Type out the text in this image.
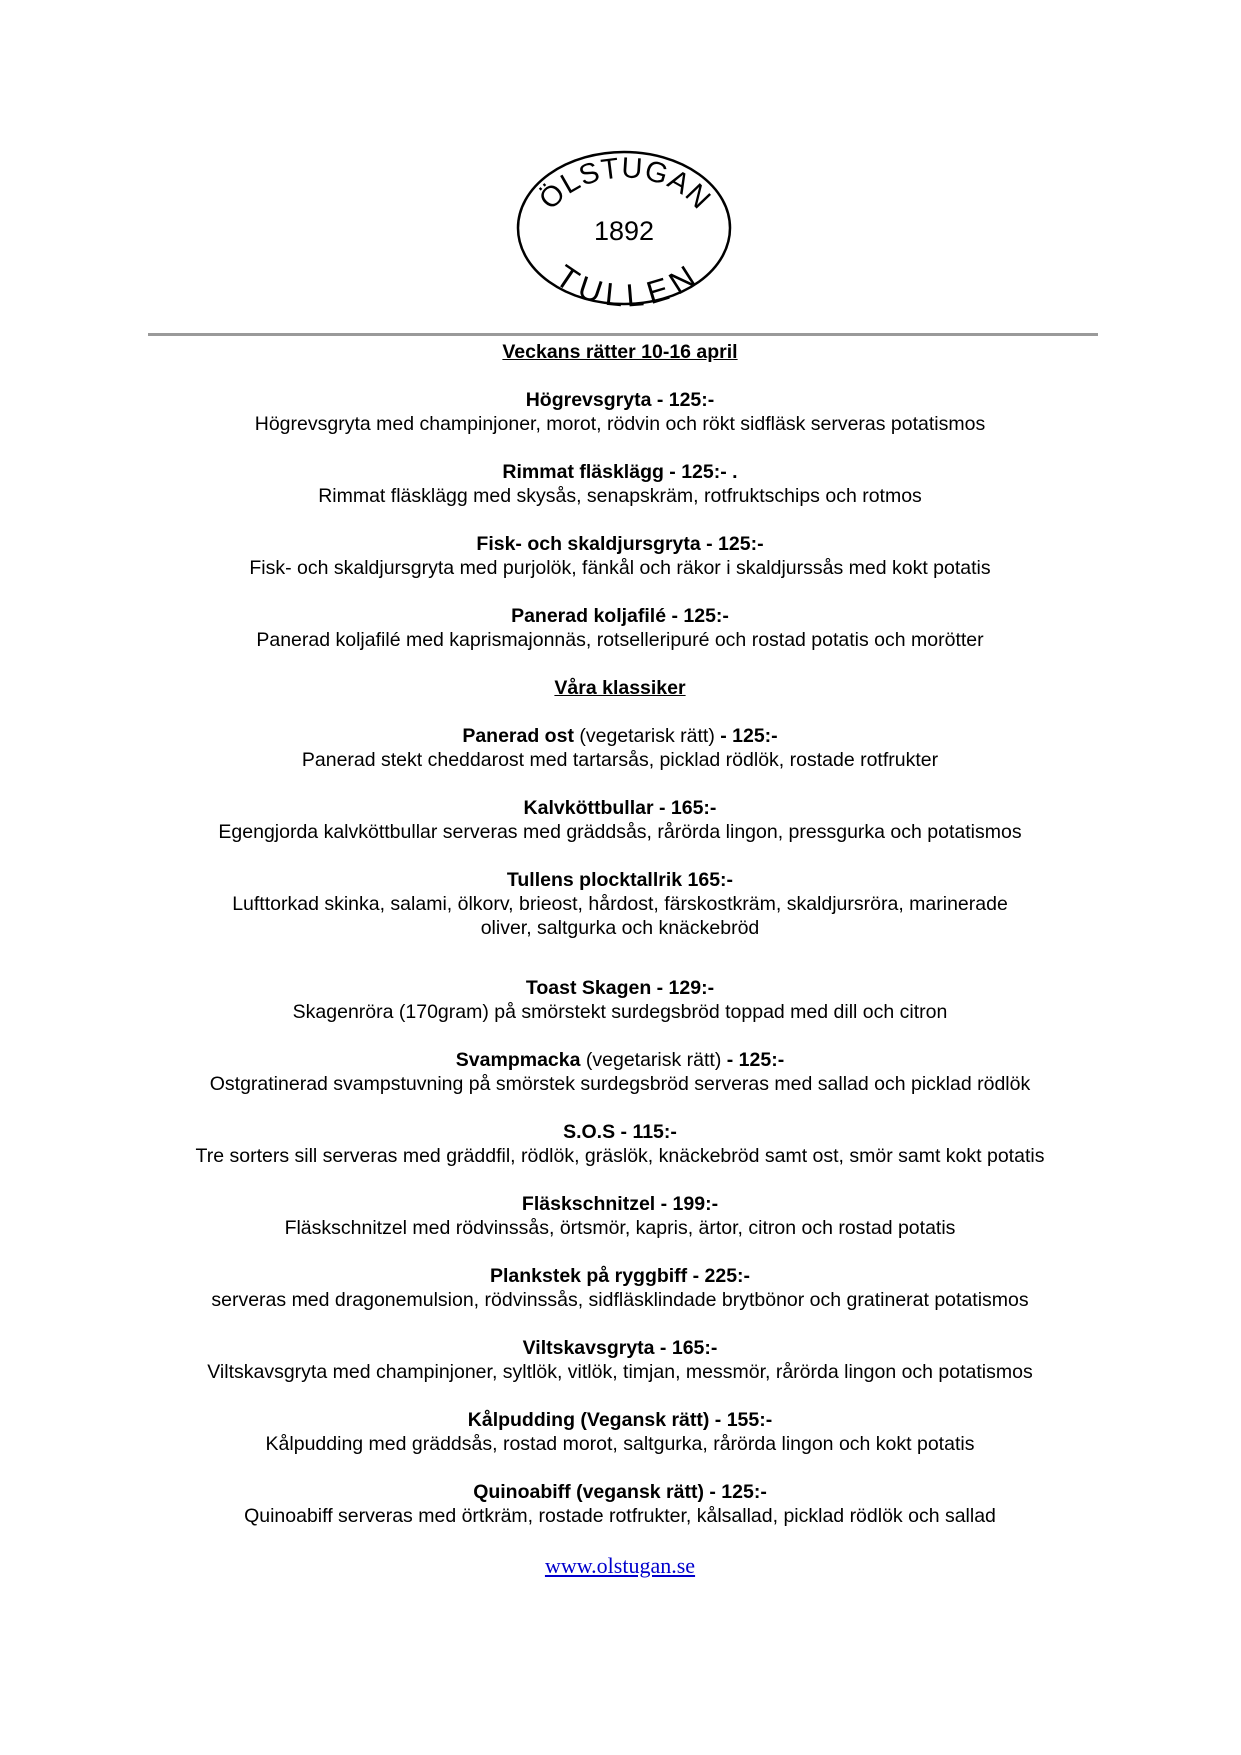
ÖLSTUGAN
1892
TULLEN
Veckans rätter 10-16 april
Högrevsgryta - 125:-
Högrevsgryta med champinjoner, morot, rödvin och rökt sidfläsk serveras potatismos
Rimmat fläsklägg - 125:- .
Rimmat fläsklägg med skysås, senapskräm, rotfruktschips och rotmos
Fisk- och skaldjursgryta - 125:-
Fisk- och skaldjursgryta med purjolök, fänkål och räkor i skaldjurssås med kokt potatis
Panerad koljafilé - 125:-
Panerad koljafilé med kaprismajonnäs, rotselleripuré och rostad potatis och morötter
Våra klassiker
Panerad ost (vegetarisk rätt) - 125:-
Panerad stekt cheddarost med tartarsås, picklad rödlök, rostade rotfrukter
Kalvköttbullar - 165:-
Egengjorda kalvköttbullar serveras med gräddsås, rårörda lingon, pressgurka och potatismos
Tullens plocktallrik 165:-
Lufttorkad skinka, salami, ölkorv, brieost, hårdost, färskostkräm, skaldjursröra, marinerade
oliver, saltgurka och knäckebröd
Toast Skagen - 129:-
Skagenröra (170gram) på smörstekt surdegsbröd toppad med dill och citron
Svampmacka (vegetarisk rätt) - 125:-
Ostgratinerad svampstuvning på smörstek surdegsbröd serveras med sallad och picklad rödlök
S.O.S - 115:-
Tre sorters sill serveras med gräddfil, rödlök, gräslök, knäckebröd samt ost, smör samt kokt potatis
Fläskschnitzel - 199:-
Fläskschnitzel med rödvinssås, örtsmör, kapris, ärtor, citron och rostad potatis
Plankstek på ryggbiff - 225:-
serveras med dragonemulsion, rödvinssås, sidfläsklindade brytbönor och gratinerat potatismos
Viltskavsgryta - 165:-
Viltskavsgryta med champinjoner, syltlök, vitlök, timjan, messmör, rårörda lingon och potatismos
Kålpudding (Vegansk rätt) - 155:-
Kålpudding med gräddsås, rostad morot, saltgurka, rårörda lingon och kokt potatis
Quinoabiff (vegansk rätt) - 125:-
Quinoabiff serveras med örtkräm, rostade rotfrukter, kålsallad, picklad rödlök och sallad
www.olstugan.se
